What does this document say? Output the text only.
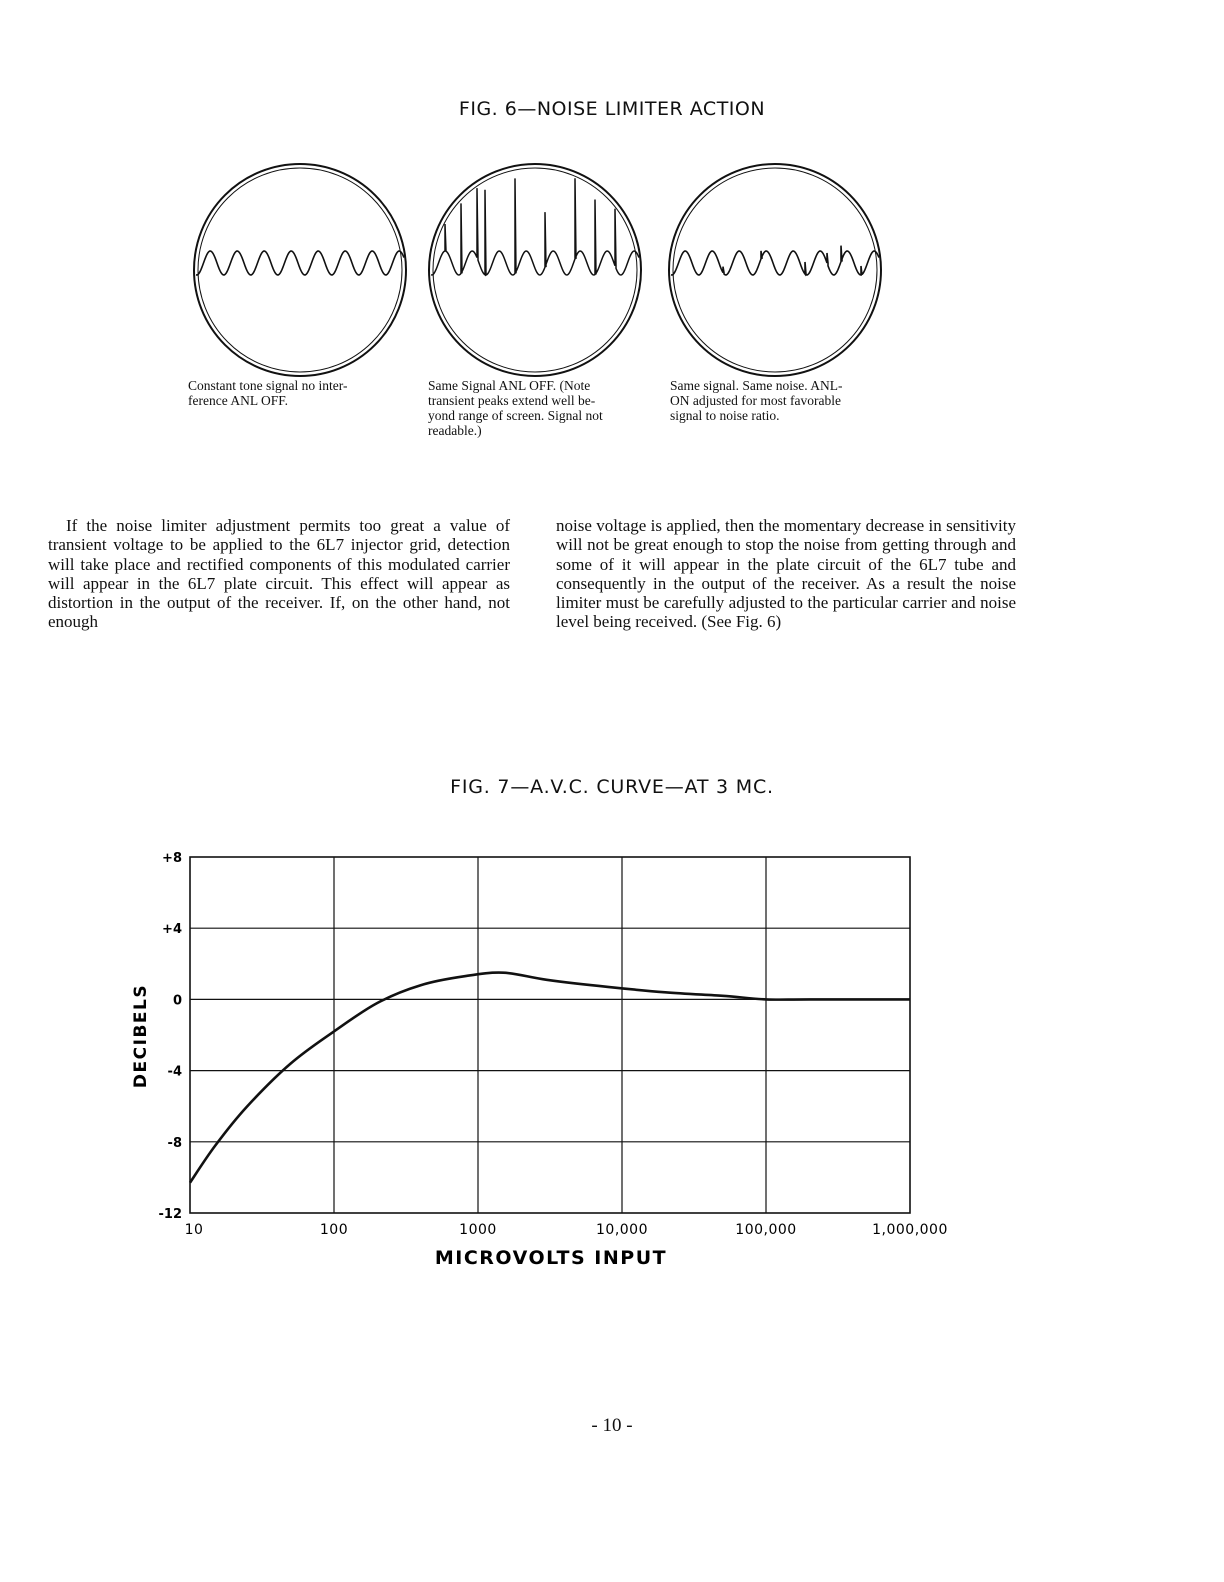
FIG. 6—NOISE LIMITER ACTION
Constant tone signal no inter-
ference ANL OFF.
Same Signal ANL OFF. (Note
transient peaks extend well be-
yond range of screen. Signal not
readable.)
Same signal. Same noise. ANL-
ON adjusted for most favorable
signal to noise ratio.
If the noise limiter adjustment permits too great a value of transient voltage to be applied to the 6L7 injector grid, detection will take place and rectified components of this modulated carrier will appear in the 6L7 plate circuit. This effect will appear as distortion in the output of the receiver. If, on the other hand, not enough
noise voltage is applied, then the momentary decrease in sensitivity will not be great enough to stop the noise from getting through and some of it will appear in the plate circuit of the 6L7 tube and consequently in the output of the receiver. As a result the noise limiter must be carefully adjusted to the particular carrier and noise level being received. (See Fig. 6)
FIG. 7—A.V.C. CURVE—AT 3 MC.
10	100	1000	10,000	100,000	1,000,000
+8
+4
0
-4
-8
-12
DECIBELS
MICROVOLTS INPUT
- 10 -
